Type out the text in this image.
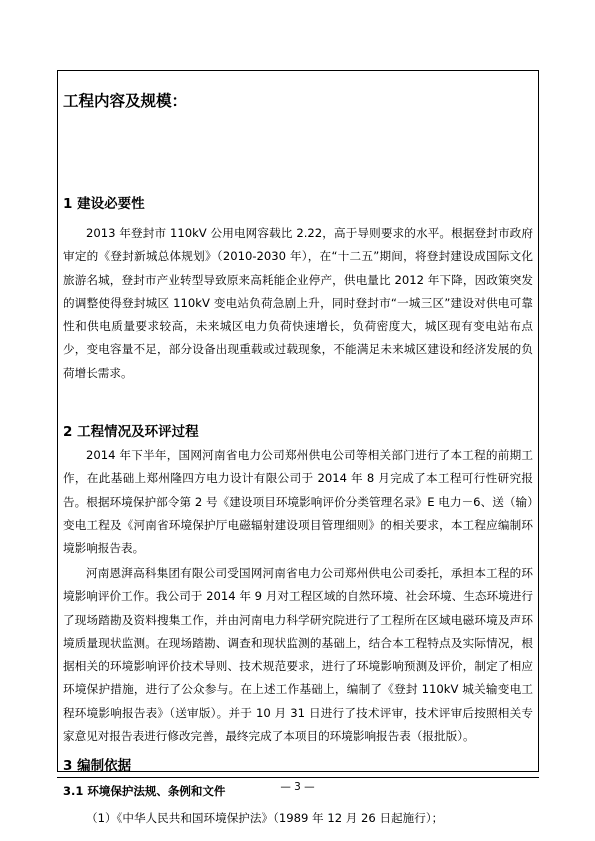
工程内容及规模：
1 建设必要性

2013 年登封市 110kV 公用电网容载比 2.22，高于导则要求的水平。根据登封市政府审定的《登封新城总体规划》（2010-2030 年），在“十二五”期间，将登封建设成国际文化旅游名城，登封市产业转型导致原来高耗能企业停产，供电量比 2012 年下降，因政策突发的调整使得登封城区 110kV 变电站负荷急剧上升，同时登封市“一城三区”建设对供电可靠性和供电质量要求较高，未来城区电力负荷快速增长，负荷密度大，城区现有变电站布点少，变电容量不足，部分设备出现重载或过载现象，不能满足未来城区建设和经济发展的负荷增长需求。

2 工程情况及环评过程

2014 年下半年，国网河南省电力公司郑州供电公司等相关部门进行了本工程的前期工作，在此基础上郑州隆四方电力设计有限公司于 2014 年 8 月完成了本工程可行性研究报告。根据环境保护部令第 2 号《建设项目环境影响评价分类管理名录》E 电力－6、送（输）变电工程及《河南省环境保护厅电磁辐射建设项目管理细则》的相关要求，本工程应编制环境影响报告表。

河南恩湃高科集团有限公司受国网河南省电力公司郑州供电公司委托，承担本工程的环境影响评价工作。我公司于 2014 年 9 月对工程区域的自然环境、社会环境、生态环境进行了现场踏勘及资料搜集工作，并由河南电力科学研究院进行了工程所在区域电磁环境及声环境质量现状监测。在现场踏勘、调查和现状监测的基础上，结合本工程特点及实际情况，根据相关的环境影响评价技术导则、技术规范要求，进行了环境影响预测及评价，制定了相应环境保护措施，进行了公众参与。在上述工作基础上，编制了《登封 110kV 城关输变电工程环境影响报告表》（送审版）。并于 10 月 31 日进行了技术评审，技术评审后按照相关专家意见对报告表进行修改完善，最终完成了本项目的环境影响报告表（报批版）。

3 编制依据
3.1 环境保护法规、条例和文件

（1）《中华人民共和国环境保护法》（1989 年 12 月 26 日起施行）；

— 3 —
